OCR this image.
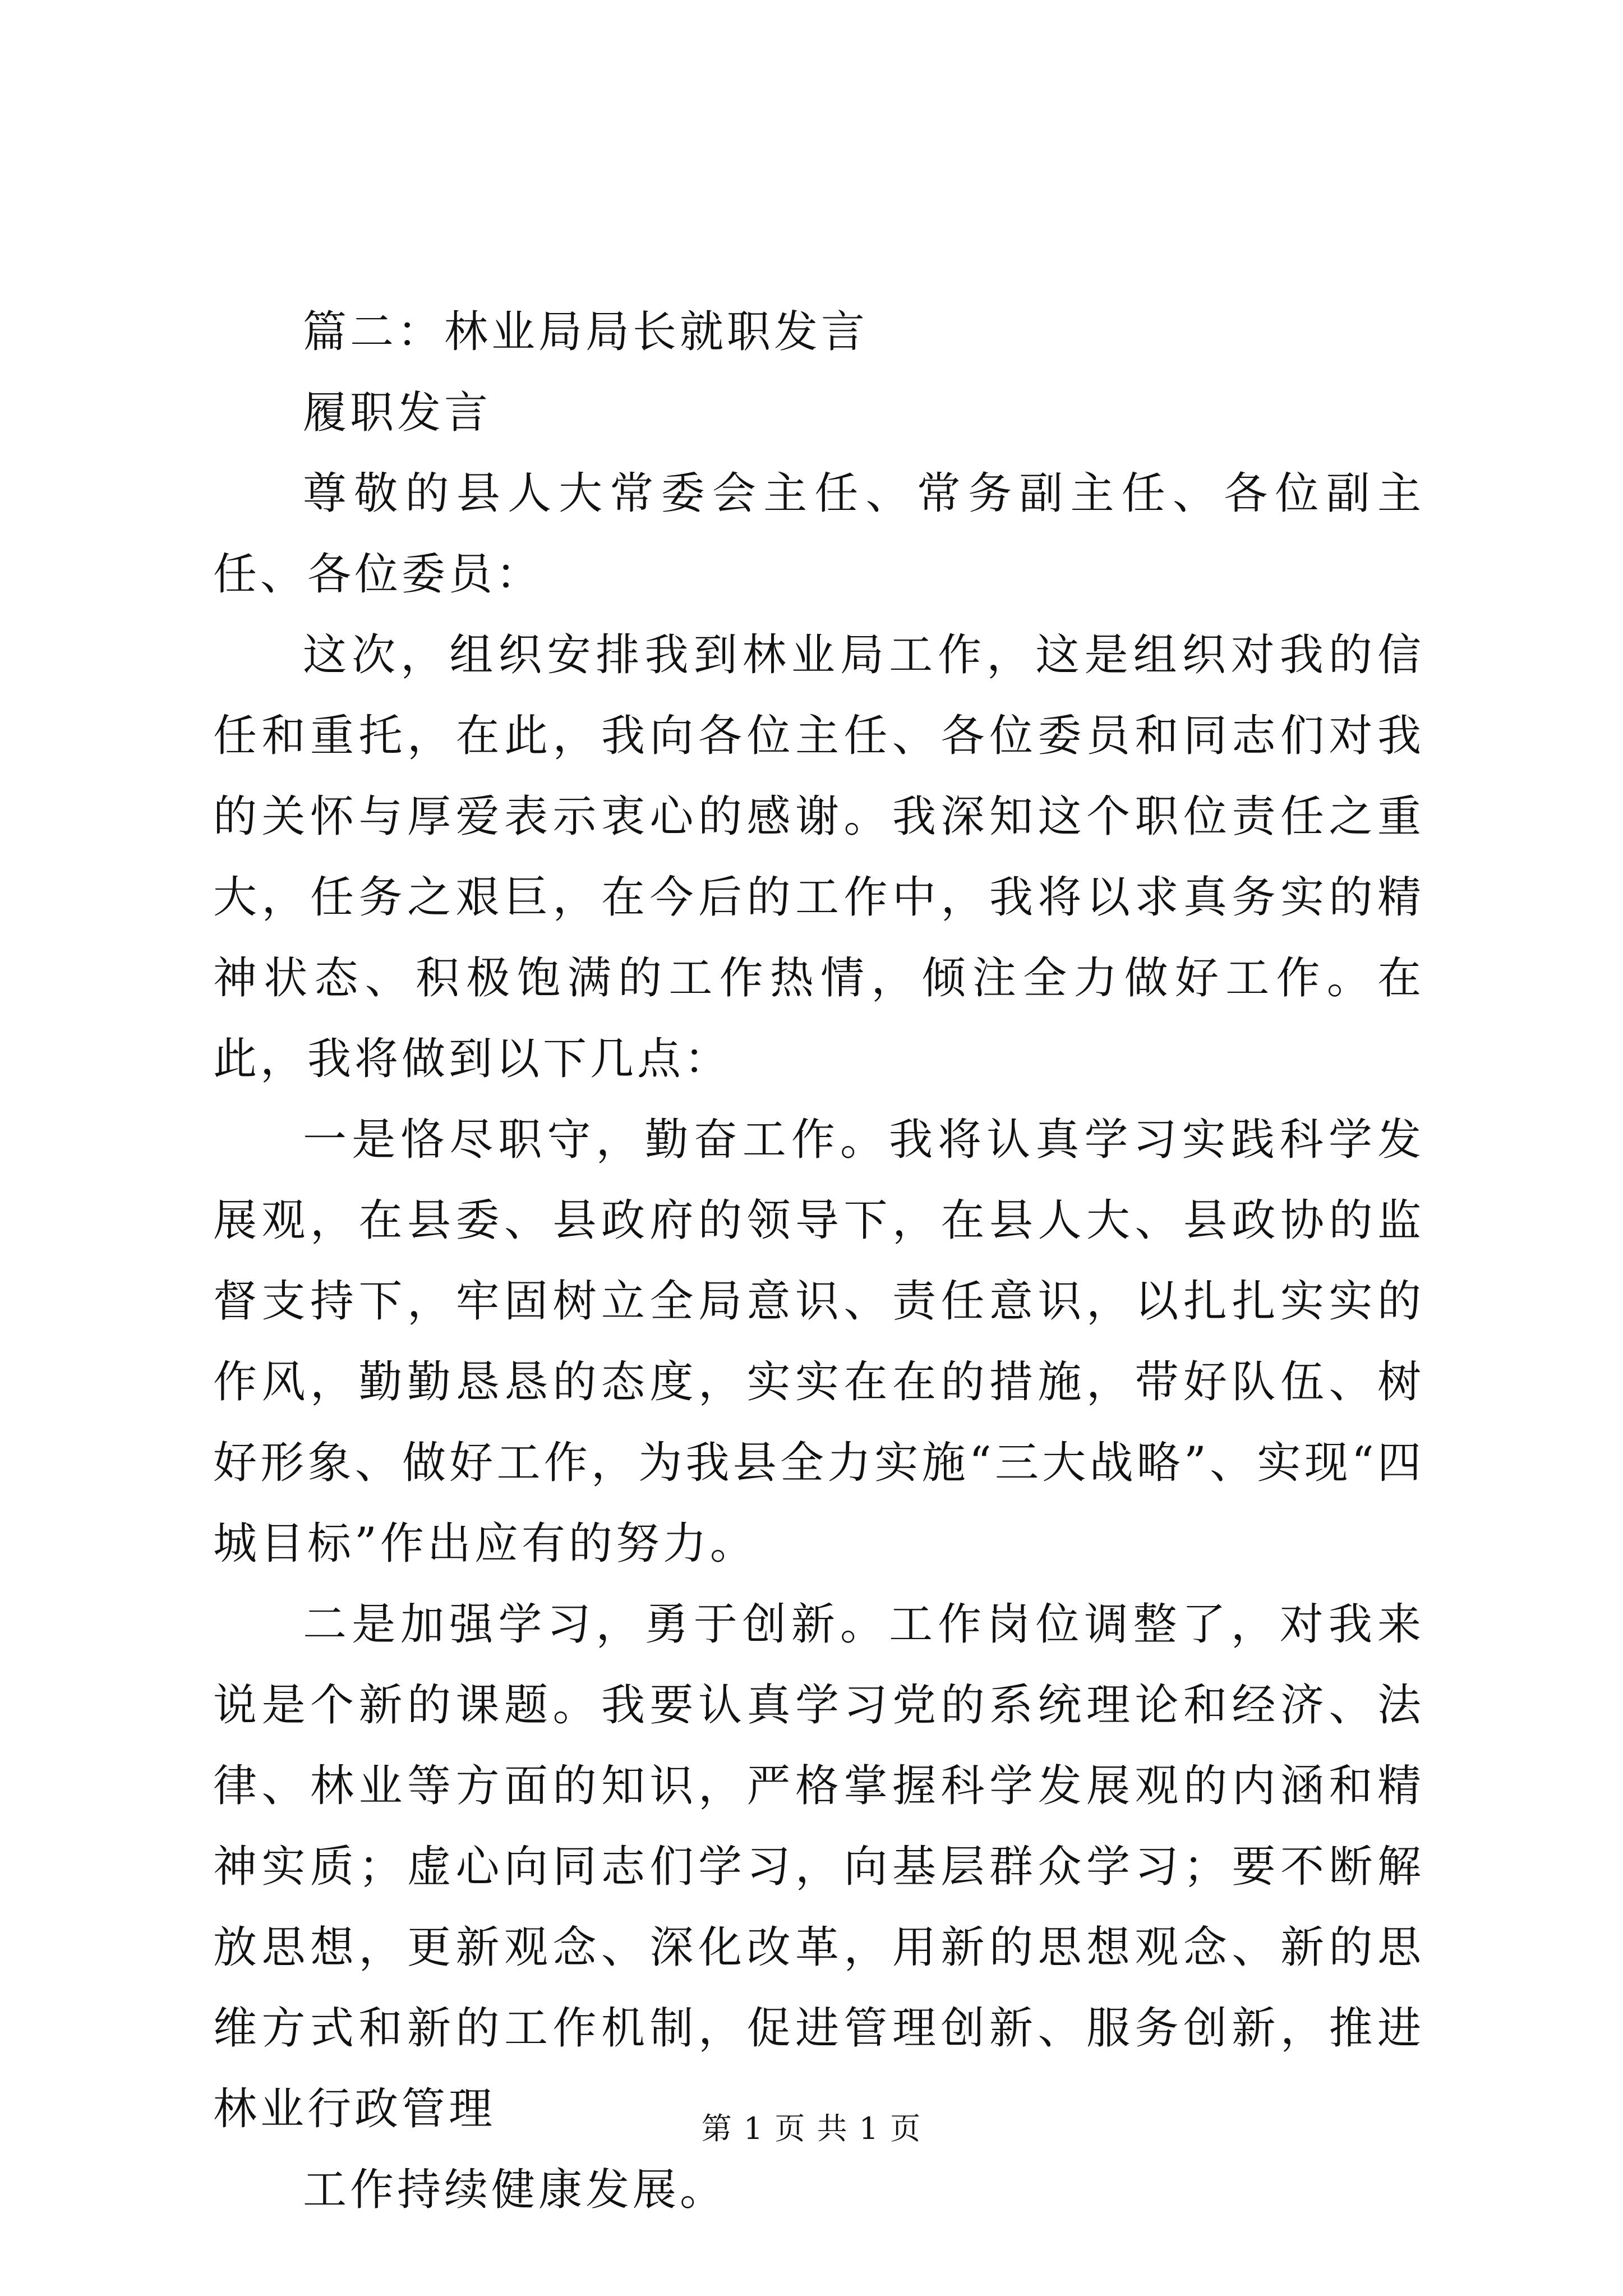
篇二：林业局局长就职发言

履职发言

尊敬的县人大常委会主任、常务副主任、各位副主任、各位委员：

这次，组织安排我到林业局工作，这是组织对我的信任和重托，在此，我向各位主任、各位委员和同志们对我的关怀与厚爱表示衷心的感谢。我深知这个职位责任之重大，任务之艰巨，在今后的工作中，我将以求真务实的精神状态、积极饱满的工作热情，倾注全力做好工作。在此，我将做到以下几点：

一是恪尽职守，勤奋工作。我将认真学习实践科学发展观，在县委、县政府的领导下，在县人大、县政协的监督支持下，牢固树立全局意识、责任意识，以扎扎实实的作风，勤勤恳恳的态度，实实在在的措施，带好队伍、树好形象、做好工作，为我县全力实施“三大战略”、实现“四城目标”作出应有的努力。

二是加强学习，勇于创新。工作岗位调整了，对我来说是个新的课题。我要认真学习党的系统理论和经济、法律、林业等方面的知识，严格掌握科学发展观的内涵和精神实质；虚心向同志们学习，向基层群众学习；要不断解放思想，更新观念、深化改革，用新的思想观念、新的思维方式和新的工作机制，促进管理创新、服务创新，推进林业行政管理

工作持续健康发展。

第 1 页 共 1 页
